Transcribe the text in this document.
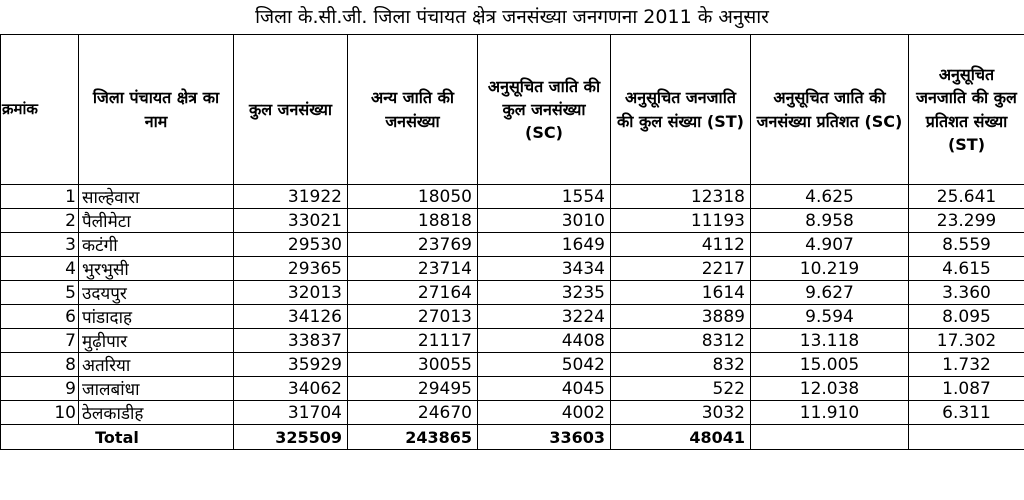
जिला के.सी.जी. जिला पंचायत क्षेत्र जनसंख्या जनगणना 2011 के अनुसार
क्रमांक	जिला पंचायत क्षेत्र का नाम	कुल जनसंख्या	अन्य जाति की जनसंख्या	अनुसूचित जाति की कुल जनसंख्या (SC)	अनुसूचित जनजाति की कुल संख्या (ST)	अनुसूचित जाति की जनसंख्या प्रतिशत (SC)	अनुसूचित जनजाति की कुल प्रतिशत संख्या (ST)
1	साल्हेवारा	31922	18050	1554	12318	4.625	25.641
2	पैलीमेटा	33021	18818	3010	11193	8.958	23.299
3	कटंगी	29530	23769	1649	4112	4.907	8.559
4	भुरभुसी	29365	23714	3434	2217	10.219	4.615
5	उदयपुर	32013	27164	3235	1614	9.627	3.360
6	पांडादाह	34126	27013	3224	3889	9.594	8.095
7	मुढ़ीपार	33837	21117	4408	8312	13.118	17.302
8	अतरिया	35929	30055	5042	832	15.005	1.732
9	जालबांधा	34062	29495	4045	522	12.038	1.087
10	ठेलकाडीह	31704	24670	4002	3032	11.910	6.311
Total		325509	243865	33603	48041		
